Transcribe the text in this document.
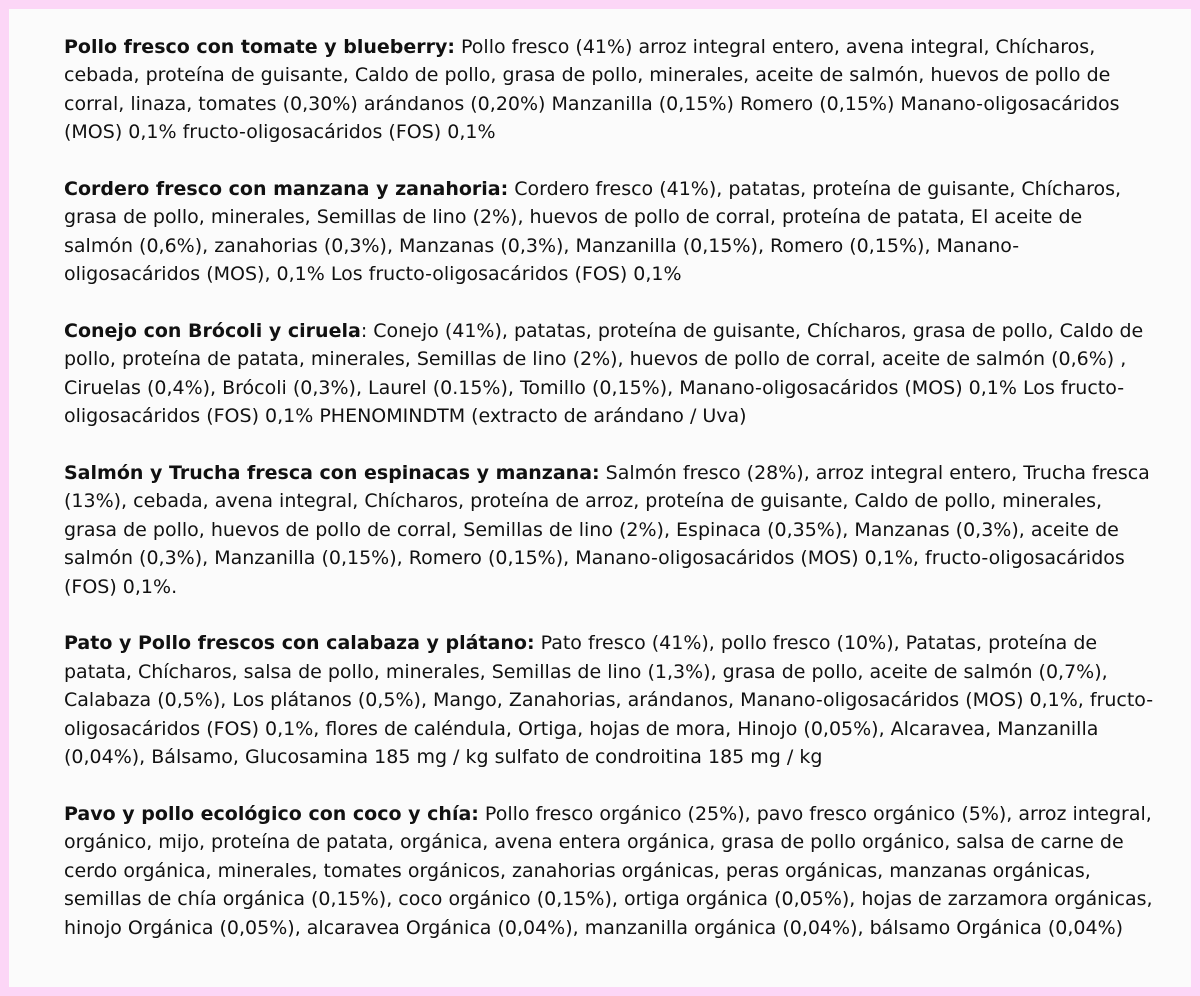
Pollo fresco con tomate y blueberry: Pollo fresco (41%) arroz integral entero, avena integral, Chícharos, cebada, proteína de guisante, Caldo de pollo, grasa de pollo, minerales, aceite de salmón, huevos de pollo de corral, linaza, tomates (0,30%) arándanos (0,20%) Manzanilla (0,15%) Romero (0,15%) Manano-oligosacáridos (MOS) 0,1% fructo-oligosacáridos (FOS) 0,1%

Cordero fresco con manzana y zanahoria: Cordero fresco (41%), patatas, proteína de guisante, Chícharos, grasa de pollo, minerales, Semillas de lino (2%), huevos de pollo de corral, proteína de patata, El aceite de salmón (0,6%), zanahorias (0,3%), Manzanas (0,3%), Manzanilla (0,15%), Romero (0,15%), Manano-oligosacáridos (MOS), 0,1% Los fructo-oligosacáridos (FOS) 0,1%

Conejo con Brócoli y ciruela: Conejo (41%), patatas, proteína de guisante, Chícharos, grasa de pollo, Caldo de pollo, proteína de patata, minerales, Semillas de lino (2%), huevos de pollo de corral, aceite de salmón (0,6%) , Ciruelas (0,4%), Brócoli (0,3%), Laurel (0.15%), Tomillo (0,15%), Manano-oligosacáridos (MOS) 0,1% Los fructo-oligosacáridos (FOS) 0,1% PHENOMINDTM (extracto de arándano / Uva)

Salmón y Trucha fresca con espinacas y manzana: Salmón fresco (28%), arroz integral entero, Trucha fresca (13%), cebada, avena integral, Chícharos, proteína de arroz, proteína de guisante, Caldo de pollo, minerales, grasa de pollo, huevos de pollo de corral, Semillas de lino (2%), Espinaca (0,35%), Manzanas (0,3%), aceite de salmón (0,3%), Manzanilla (0,15%), Romero (0,15%), Manano-oligosacáridos (MOS) 0,1%, fructo-oligosacáridos (FOS) 0,1%.

Pato y Pollo frescos con calabaza y plátano: Pato fresco (41%), pollo fresco (10%), Patatas, proteína de patata, Chícharos, salsa de pollo, minerales, Semillas de lino (1,3%), grasa de pollo, aceite de salmón (0,7%), Calabaza (0,5%), Los plátanos (0,5%), Mango, Zanahorias, arándanos, Manano-oligosacáridos (MOS) 0,1%, fructo-oligosacáridos (FOS) 0,1%, flores de caléndula, Ortiga, hojas de mora, Hinojo (0,05%), Alcaravea, Manzanilla (0,04%), Bálsamo, Glucosamina 185 mg / kg sulfato de condroitina 185 mg / kg

Pavo y pollo ecológico con coco y chía: Pollo fresco orgánico (25%), pavo fresco orgánico (5%), arroz integral, orgánico, mijo, proteína de patata, orgánica, avena entera orgánica, grasa de pollo orgánico, salsa de carne de cerdo orgánica, minerales, tomates orgánicos, zanahorias orgánicas, peras orgánicas, manzanas orgánicas, semillas de chía orgánica (0,15%), coco orgánico (0,15%), ortiga orgánica (0,05%), hojas de zarzamora orgánicas, hinojo Orgánica (0,05%), alcaravea Orgánica (0,04%), manzanilla orgánica (0,04%), bálsamo Orgánica (0,04%)
